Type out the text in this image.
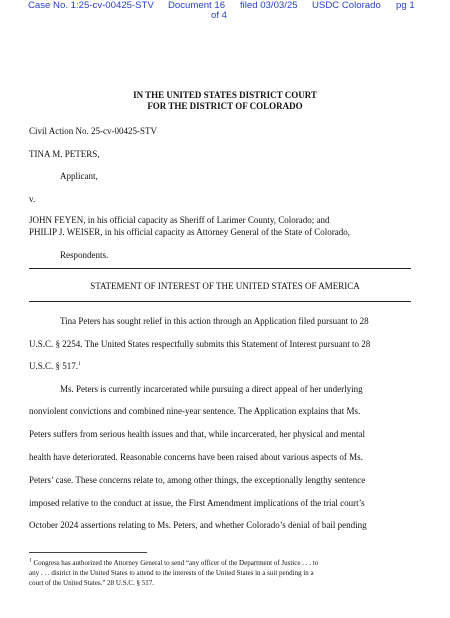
Case No. 1:25-cv-00425-STV Document 16 filed 03/03/25 USDC Colorado pg 1
of 4
IN THE UNITED STATES DISTRICT COURT
FOR THE DISTRICT OF COLORADO
Civil Action No. 25-cv-00425-STV
TINA M. PETERS,
Applicant,
v.
JOHN FEYEN, in his official capacity as Sheriff of Larimer County, Colorado; and
PHILIP J. WEISER, in his official capacity as Attorney General of the State of Colorado,
Respondents.
STATEMENT OF INTEREST OF THE UNITED STATES OF AMERICA
Tina Peters has sought relief in this action through an Application filed pursuant to 28
U.S.C. § 2254. The United States respectfully submits this Statement of Interest pursuant to 28
U.S.C. § 517.$^1$
Ms. Peters is currently incarcerated while pursuing a direct appeal of her underlying
nonviolent convictions and combined nine-year sentence. The Application explains that Ms.
Peters suffers from serious health issues and that, while incarcerated, her physical and mental
health have deteriorated. Reasonable concerns have been raised about various aspects of Ms.
Peters’ case. These concerns relate to, among other things, the exceptionally lengthy sentence
imposed relative to the conduct at issue, the First Amendment implications of the trial court’s
October 2024 assertions relating to Ms. Peters, and whether Colorado’s denial of bail pending
$^1$ Congress has authorized the Attorney General to send “any officer of the Department of Justice . . . to
any . . . district in the United States to attend to the interests of the United States in a suit pending in a
court of the United States.” 28 U.S.C. § 517.
